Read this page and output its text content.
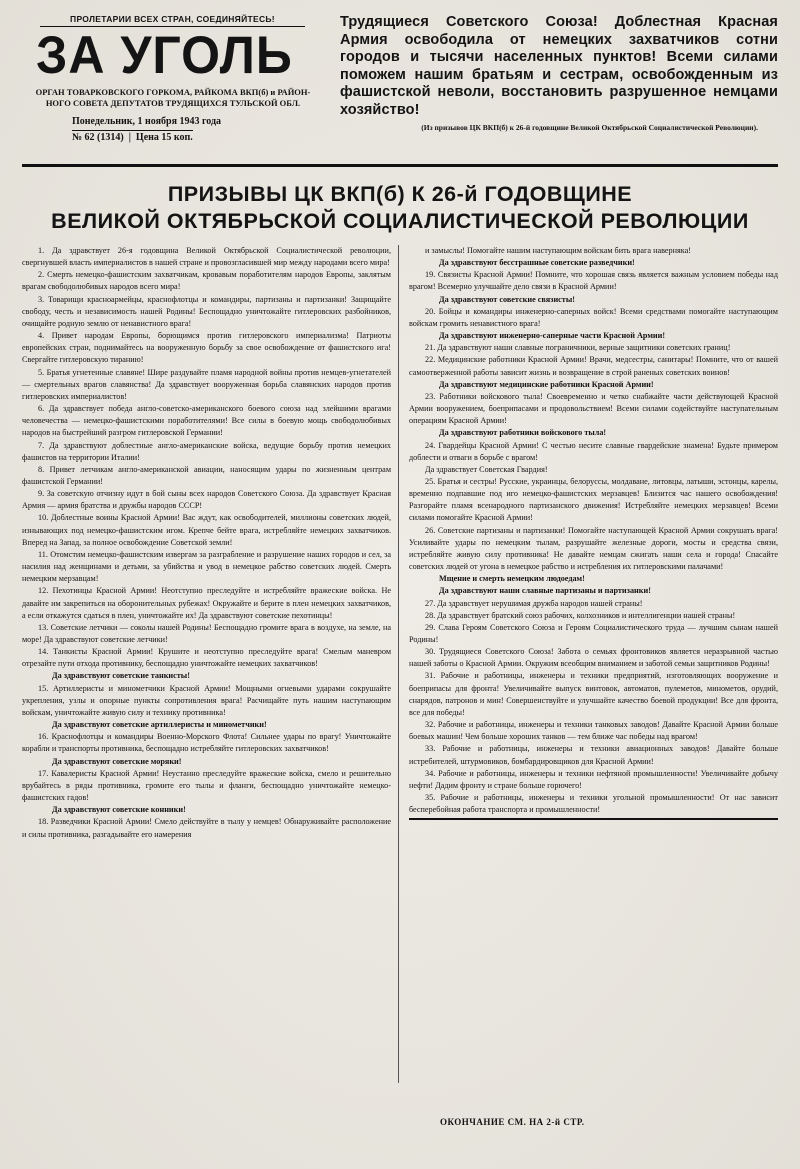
ПРОЛЕТАРИИ ВСЕХ СТРАН, СОЕДИНЯЙТЕСЬ!
ЗА УГОЛЬ
ОРГАН ТОВАРКОВСКОГО ГОРКОМА, РАЙКОМА ВКП(б) и РАЙОН- НОГО СОВЕТА ДЕПУТАТОВ ТРУДЯЩИХСЯ ТУЛЬСКОЙ ОБЛ.
Понедельник, 1 ноября 1943 года
№ 62 (1314)  |  Цена 15 коп.
Трудящиеся Советского Союза! Доблестная Красная Армия освободила от немецких захватчиков сотни городов и тысячи населенных пунктов! Всеми силами поможем нашим братьям и сестрам, освобожденным из фашистской неволи, восстановить разрушенное немцами хозяйство!
(Из призывов ЦК ВКП(б) к 26-й годовщине Великой Октябрьской Социалистической Революции).
ПРИЗЫВЫ ЦК ВКП(б) К 26-й ГОДОВЩИНЕ
ВЕЛИКОЙ ОКТЯБРЬСКОЙ СОЦИАЛИСТИЧЕСКОЙ РЕВОЛЮЦИИ

1. Да здравствует 26-я годовщина Великой Октябрьской Социалистической революции, свергнувшей власть империалистов в нашей стране и провозгласившей мир между народами всего мира!

2. Смерть немецко-фашистским захватчикам, кровавым поработителям народов Европы, заклятым врагам свободолюбивых народов всего мира!

3. Товарищи красноармейцы, краснофлотцы и командиры, партизаны и партизанки! Защищайте свободу, честь и независимость нашей Родины! Беспощадно уничтожайте гитлеровских разбойников, очищайте родную землю от ненавистного врага!

4. Привет народам Европы, борющимся против гитлеровского империализма! Патриоты европейских стран, поднимайтесь на вооруженную борьбу за свое освобождение от фашистского ига! Свергайте гитлеровскую тиранию!

5. Братья угнетенные славяне! Шире раздувайте пламя народной войны против немцев-угнетателей — смертельных врагов славянства! Да здравствует вооруженная борьба славянских народов против гитлеровских империалистов!

6. Да здравствует победа англо-советско-американского боевого союза над злейшими врагами человечества — немецко-фашистскими поработителями! Все силы в боевую мощь свободолюбивых народов на быстрейший разгром гитлеровской Германии!

7. Да здравствуют доблестные англо-американские войска, ведущие борьбу против немецких фашистов на территории Италии!

8. Привет летчикам англо-американской авиации, наносящим удары по жизненным центрам фашистской Германии!

9. За советскую отчизну идут в бой сыны всех народов Советского Союза. Да здравствует Красная Армия — армия братства и дружбы народов СССР!

10. Доблестные воины Красной Армии! Вас ждут, как освободителей, миллионы советских людей, изнывающих под немецко-фашистским игом. Крепче бейте врага, истребляйте немецких захватчиков. Вперед на Запад, за полное освобождение Советской земли!

11. Отомстим немецко-фашистским извергам за разграбление и разрушение наших городов и сел, за насилия над женщинами и детьми, за убийства и увод в немецкое рабство советских людей. Смерть немецким мерзавцам!

12. Пехотинцы Красной Армии! Неотступно преследуйте и истребляйте вражеские войска. Не давайте им закрепиться на оборонительных рубежах! Окружайте и берите в плен немецких захватчиков, а если откажутся сдаться в плен, уничтожайте их! Да здравствуют советские пехотинцы!

13. Советские летчики — соколы нашей Родины! Беспощадно громите врага в воздухе, на земле, на море! Да здравствуют советские летчики!

14. Танкисты Красной Армии! Крушите и неотступно преследуйте врага! Смелым маневром отрезайте пути отхода противнику, беспощадно уничтожайте немецких захватчиков!

Да здравствуют советские танкисты!

15. Артиллеристы и минометчики Красной Армии! Мощными огневыми ударами сокрушайте укрепления, узлы и опорные пункты сопротивления врага! Расчищайте путь нашим наступающим войскам, уничтожайте живую силу и технику противника!

Да здравствуют советские артиллеристы и минометчики!

16. Краснофлотцы и командиры Военно-Морского Флота! Сильнее удары по врагу! Уничтожайте корабли и транспорты противника, беспощадно истребляйте гитлеровских захватчиков!

Да здравствуют советские моряки!

17. Кавалеристы Красной Армии! Неустанно преследуйте вражеские войска, смело и решительно врубайтесь в ряды противника, громите его тылы и фланги, беспощадно уничтожайте немецко-фашистских гадов!

Да здравствуют советские конники!

18. Разведчики Красной Армии! Смело действуйте в тылу у немцев! Обнаруживайте расположение и силы противника, разгадывайте его намерения

и замыслы! Помогайте нашим наступающим войскам бить врага наверняка!

Да здравствуют бесстрашные советские разведчики!

19. Связисты Красной Армии! Помните, что хорошая связь является важным условием победы над врагом! Всемерно улучшайте дело связи в Красной Армии!

Да здравствуют советские связисты!

20. Бойцы и командиры инженерно-саперных войск! Всеми средствами помогайте наступающим войскам громить ненавистного врага!

Да здравствуют инженерно-саперные части Красной Армии!

21. Да здравствуют наши славные пограничники, верные защитники советских границ!

22. Медицинские работники Красной Армии! Врачи, медсестры, санитары! Помните, что от вашей самоотверженной работы зависит жизнь и возвращение в строй раненых советских воинов!

Да здравствуют медицинские работники Красной Армии!

23. Работники войскового тыла! Своевременно и четко снабжайте части действующей Красной Армии вооружением, боеприпасами и продовольствием! Всеми силами содействуйте наступательным операциям Красной Армии!

Да здравствуют работники войскового тыла!

24. Гвардейцы Красной Армии! С честью несите славные гвардейские знамена! Будьте примером доблести и отваги в борьбе с врагом!

Да здравствует Советская Гвардия!

25. Братья и сестры! Русские, украинцы, белоруссы, молдаване, литовцы, латыши, эстонцы, карелы, временно подпавшие под иго немецко-фашистских мерзавцев! Близится час нашего освобождения! Разгорайте пламя всенародного партизанского движения! Истребляйте немецких мерзавцев! Всеми силами помогайте Красной Армии!

26. Советские партизаны и партизанки! Помогайте наступающей Красной Армии сокрушать врага! Усиливайте удары по немецким тылам, разрушайте железные дороги, мосты и средства связи, истребляйте живую силу противника! Не давайте немцам сжигать наши села и города! Спасайте советских людей от угона в немецкое рабство и истребления их гитлеровскими палачами!

Мщение и смерть немецким людоедам!

Да здравствуют наши славные партизаны и партизанки!

27. Да здравствует нерушимая дружба народов нашей страны!

28. Да здравствует братский союз рабочих, колхозников и интеллигенции нашей страны!

29. Слава Героям Советского Союза и Героям Социалистического труда — лучшим сынам нашей Родины!

30. Трудящиеся Советского Союза! Забота о семьях фронтовиков является неразрывной частью нашей заботы о Красной Армии. Окружим всеобщим вниманием и заботой семьи защитников Родины!

31. Рабочие и работницы, инженеры и техники предприятий, изготовляющих вооружение и боеприпасы для фронта! Увеличивайте выпуск винтовок, автоматов, пулеметов, минометов, орудий, снарядов, патронов и мин! Совершенствуйте и улучшайте качество боевой продукции! Все для фронта, все для победы!

32. Рабочие и работницы, инженеры и техники танковых заводов! Давайте Красной Армии больше боевых машин! Чем больше хороших танков — тем ближе час победы над врагом!

33. Рабочие и работницы, инженеры и техники авиационных заводов! Давайте больше истребителей, штурмовиков, бомбардировщиков для Красной Армии!

34. Рабочие и работницы, инженеры и техники нефтяной промышленности! Увеличивайте добычу нефти! Дадим фронту и стране больше горючего!

35. Рабочие и работницы, инженеры и техники угольной промышленности! От нас зависит бесперебойная работа транспорта и промышленности!

ОКОНЧАНИЕ СМ. НА 2-й СТР.
